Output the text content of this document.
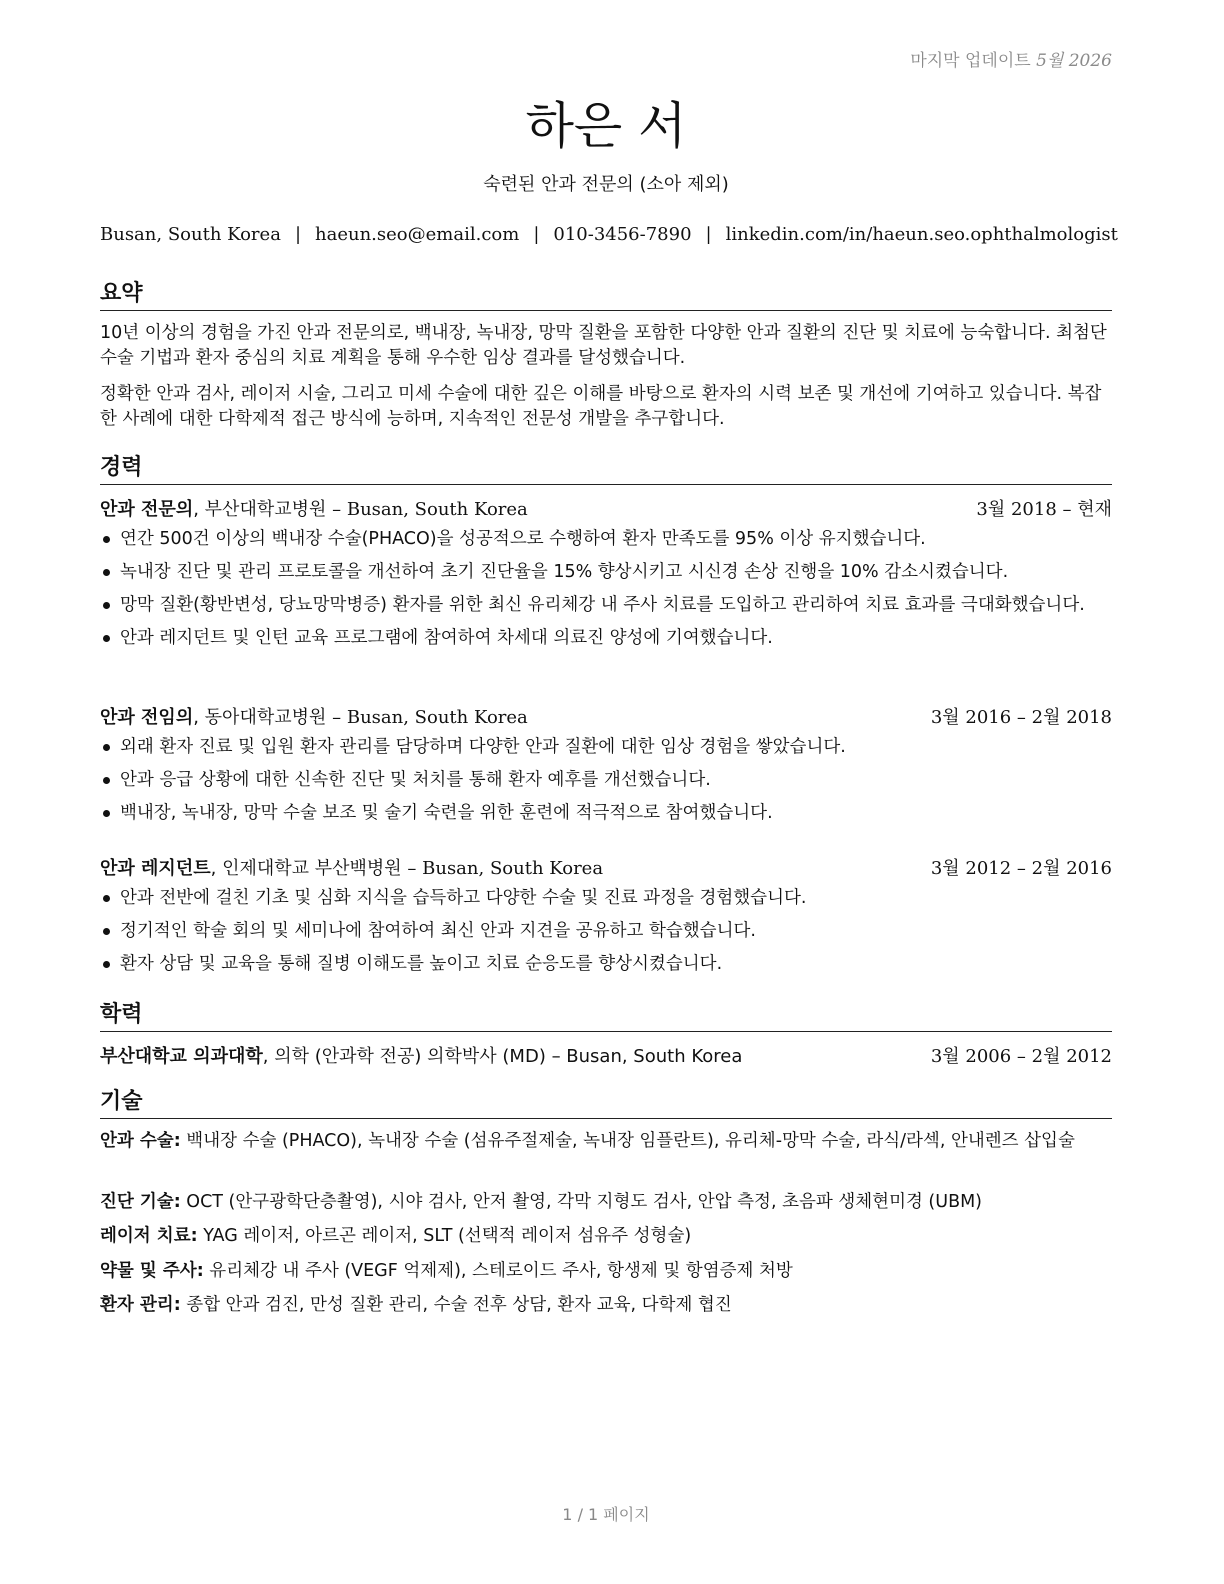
마지막 업데이트 5월 2026
하은 서
숙련된 안과 전문의 (소아 제외)
Busan, South Korea | haeun.seo@email.com | 010-3456-7890 | linkedin.com/in/haeun.seo.ophthalmologist
요약
10년 이상의 경험을 가진 안과 전문의로, 백내장, 녹내장, 망막 질환을 포함한 다양한 안과 질환의 진단 및 치료에 능숙합니다. 최첨단 수술 기법과 환자 중심의 치료 계획을 통해 우수한 임상 결과를 달성했습니다.
정확한 안과 검사, 레이저 시술, 그리고 미세 수술에 대한 깊은 이해를 바탕으로 환자의 시력 보존 및 개선에 기여하고 있습니다. 복잡한 사례에 대한 다학제적 접근 방식에 능하며, 지속적인 전문성 개발을 추구합니다.
경력
안과 전문의, 부산대학교병원 – Busan, South Korea	3월 2018 – 현재
연간 500건 이상의 백내장 수술(PHACO)을 성공적으로 수행하여 환자 만족도를 95% 이상 유지했습니다.
녹내장 진단 및 관리 프로토콜을 개선하여 초기 진단율을 15% 향상시키고 시신경 손상 진행을 10% 감소시켰습니다.
망막 질환(황반변성, 당뇨망막병증) 환자를 위한 최신 유리체강 내 주사 치료를 도입하고 관리하여 치료 효과를 극대화했습니다.
안과 레지던트 및 인턴 교육 프로그램에 참여하여 차세대 의료진 양성에 기여했습니다.
안과 전임의, 동아대학교병원 – Busan, South Korea	3월 2016 – 2월 2018
외래 환자 진료 및 입원 환자 관리를 담당하며 다양한 안과 질환에 대한 임상 경험을 쌓았습니다.
안과 응급 상황에 대한 신속한 진단 및 처치를 통해 환자 예후를 개선했습니다.
백내장, 녹내장, 망막 수술 보조 및 술기 숙련을 위한 훈련에 적극적으로 참여했습니다.
안과 레지던트, 인제대학교 부산백병원 – Busan, South Korea	3월 2012 – 2월 2016
안과 전반에 걸친 기초 및 심화 지식을 습득하고 다양한 수술 및 진료 과정을 경험했습니다.
정기적인 학술 회의 및 세미나에 참여하여 최신 안과 지견을 공유하고 학습했습니다.
환자 상담 및 교육을 통해 질병 이해도를 높이고 치료 순응도를 향상시켰습니다.
학력
부산대학교 의과대학, 의학 (안과학 전공) 의학박사 (MD) – Busan, South Korea	3월 2006 – 2월 2012
기술
안과 수술: 백내장 수술 (PHACO), 녹내장 수술 (섬유주절제술, 녹내장 임플란트), 유리체-망막 수술, 라식/라섹, 안내렌즈 삽입술
진단 기술: OCT (안구광학단층촬영), 시야 검사, 안저 촬영, 각막 지형도 검사, 안압 측정, 초음파 생체현미경 (UBM)
레이저 치료: YAG 레이저, 아르곤 레이저, SLT (선택적 레이저 섬유주 성형술)
약물 및 주사: 유리체강 내 주사 (VEGF 억제제), 스테로이드 주사, 항생제 및 항염증제 처방
환자 관리: 종합 안과 검진, 만성 질환 관리, 수술 전후 상담, 환자 교육, 다학제 협진
1 / 1 페이지
